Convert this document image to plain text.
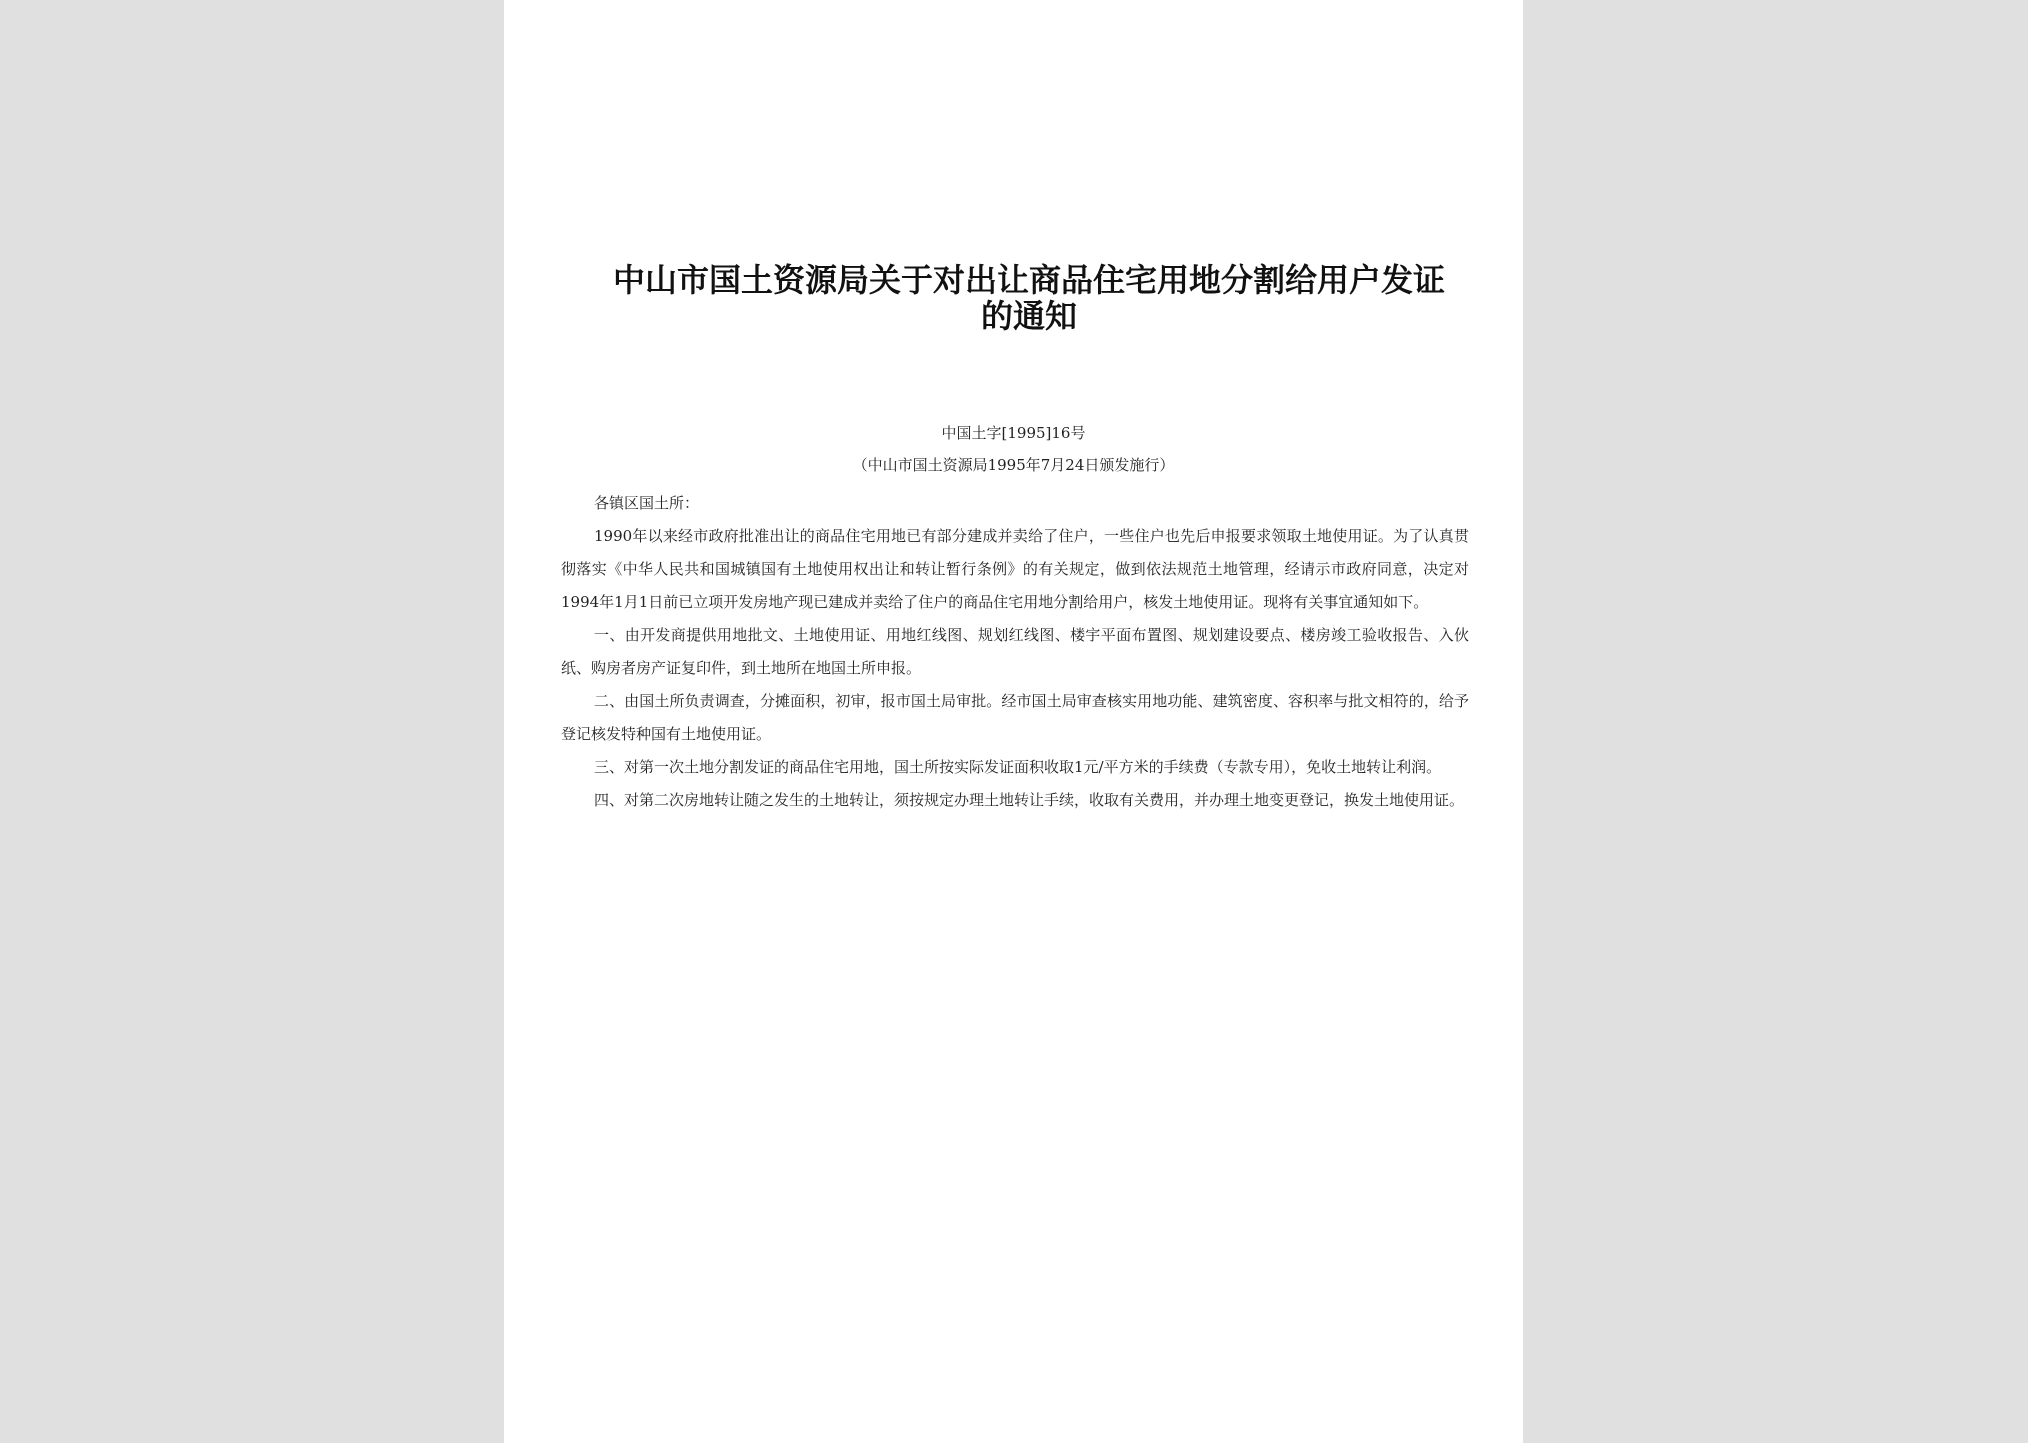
中山市国土资源局关于对出让商品住宅用地分割给用户发证的通知
中国土字[1995]16号
（中山市国土资源局1995年7月24日颁发施行）

各镇区国土所：

1990年以来经市政府批准出让的商品住宅用地已有部分建成并卖给了住户，一些住户也先后申报要求领取土地使用证。为了认真贯彻落实《中华人民共和国城镇国有土地使用权出让和转让暂行条例》的有关规定，做到依法规范土地管理，经请示市政府同意，决定对1994年1月1日前已立项开发房地产现已建成并卖给了住户的商品住宅用地分割给用户，核发土地使用证。现将有关事宜通知如下。

一、由开发商提供用地批文、土地使用证、用地红线图、规划红线图、楼宇平面布置图、规划建设要点、楼房竣工验收报告、入伙纸、购房者房产证复印件，到土地所在地国土所申报。

二、由国土所负责调查，分摊面积，初审，报市国土局审批。经市国土局审查核实用地功能、建筑密度、容积率与批文相符的，给予登记核发特种国有土地使用证。

三、对第一次土地分割发证的商品住宅用地，国土所按实际发证面积收取1元/平方米的手续费（专款专用），免收土地转让利润。

四、对第二次房地转让随之发生的土地转让，须按规定办理土地转让手续，收取有关费用，并办理土地变更登记，换发土地使用证。
